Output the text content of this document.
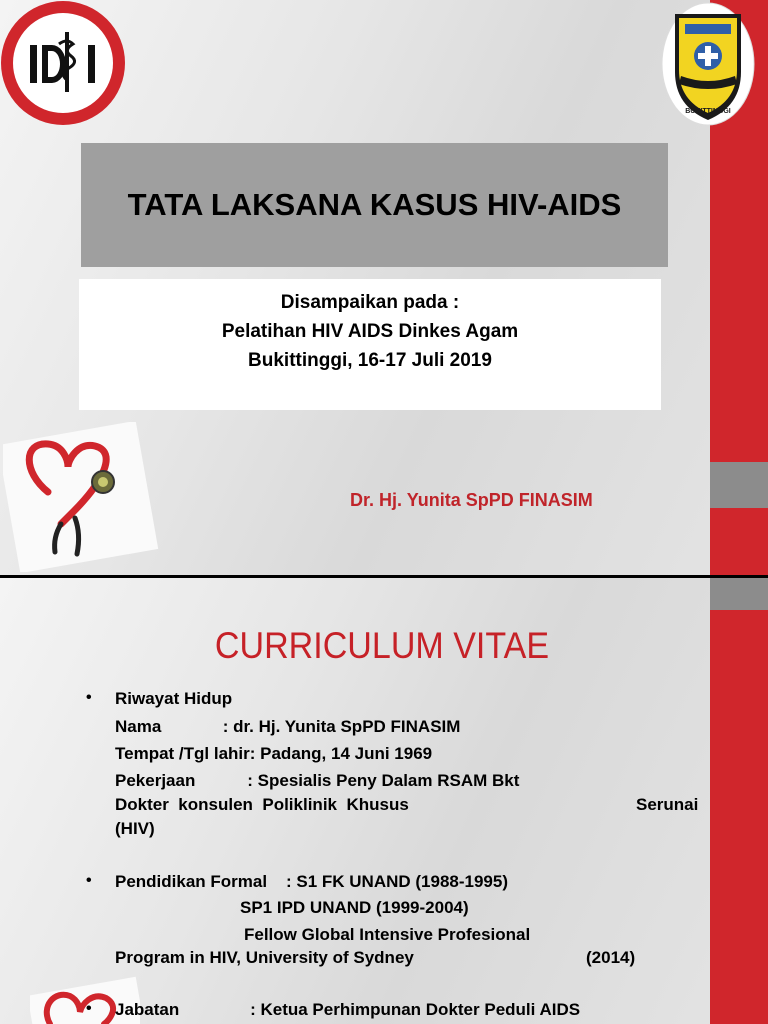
BUKITTINGGI
TATA LAKSANA KASUS HIV-AIDS
Disampaikan pada :
Pelatihan HIV AIDS Dinkes Agam
Bukittinggi, 16-17 Juli 2019
Dr. Hj. Yunita SpPD FINASIM
CURRICULUM VITAE
• Riwayat Hidup
Nama             : dr. Hj. Yunita SpPD FINASIM
Tempat /Tgl lahir: Padang, 14 Juni 1969
Pekerjaan           : Spesialis Peny Dalam RSAM Bkt
Dokter  konsulen  Poliklinik  Khusus	Serunai
(HIV)
• Pendidikan Formal    : S1 FK UNAND (1988-1995)
SP1 IPD UNAND (1999-2004)
Fellow Global Intensive Profesional
Program in HIV, University of Sydney	(2014)
• Jabatan               : Ketua Perhimpunan Dokter Peduli AIDS
